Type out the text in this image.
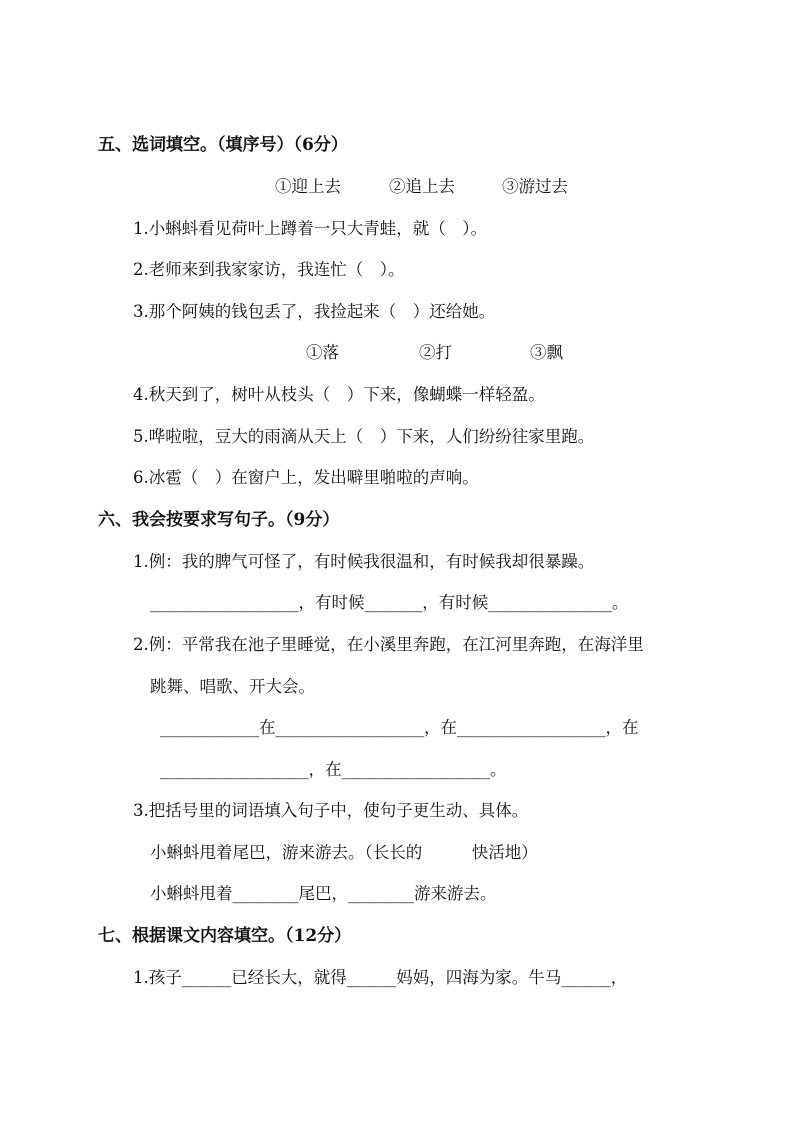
五、选词填空。（填序号）（6分）
①迎上去	②追上去	③游过去
1.小蝌蚪看见荷叶上蹲着一只大青蛙，就（　）。
2.老师来到我家家访，我连忙（　）。
3.那个阿姨的钱包丢了，我捡起来（　）还给她。
①落	②打	③飘
4.秋天到了，树叶从枝头（　）下来，像蝴蝶一样轻盈。
5.哗啦啦，豆大的雨滴从天上（　）下来，人们纷纷往家里跑。
6.冰雹（　）在窗户上，发出噼里啪啦的声响。
六、我会按要求写句子。（9分）
1.例：我的脾气可怪了，有时候我很温和，有时候我却很暴躁。
__________________，有时候_______，有时候_______________。
2.例：平常我在池子里睡觉，在小溪里奔跑，在江河里奔跑，在海洋里
跳舞、唱歌、开大会。
____________在__________________，在__________________，在
__________________，在__________________。
3.把括号里的词语填入句子中，使句子更生动、具体。
小蝌蚪甩着尾巴，游来游去。（长长的　　　快活地）
小蝌蚪甩着________尾巴，________游来游去。
七、根据课文内容填空。（12分）
1.孩子______已经长大，就得______妈妈，四海为家。牛马______，
